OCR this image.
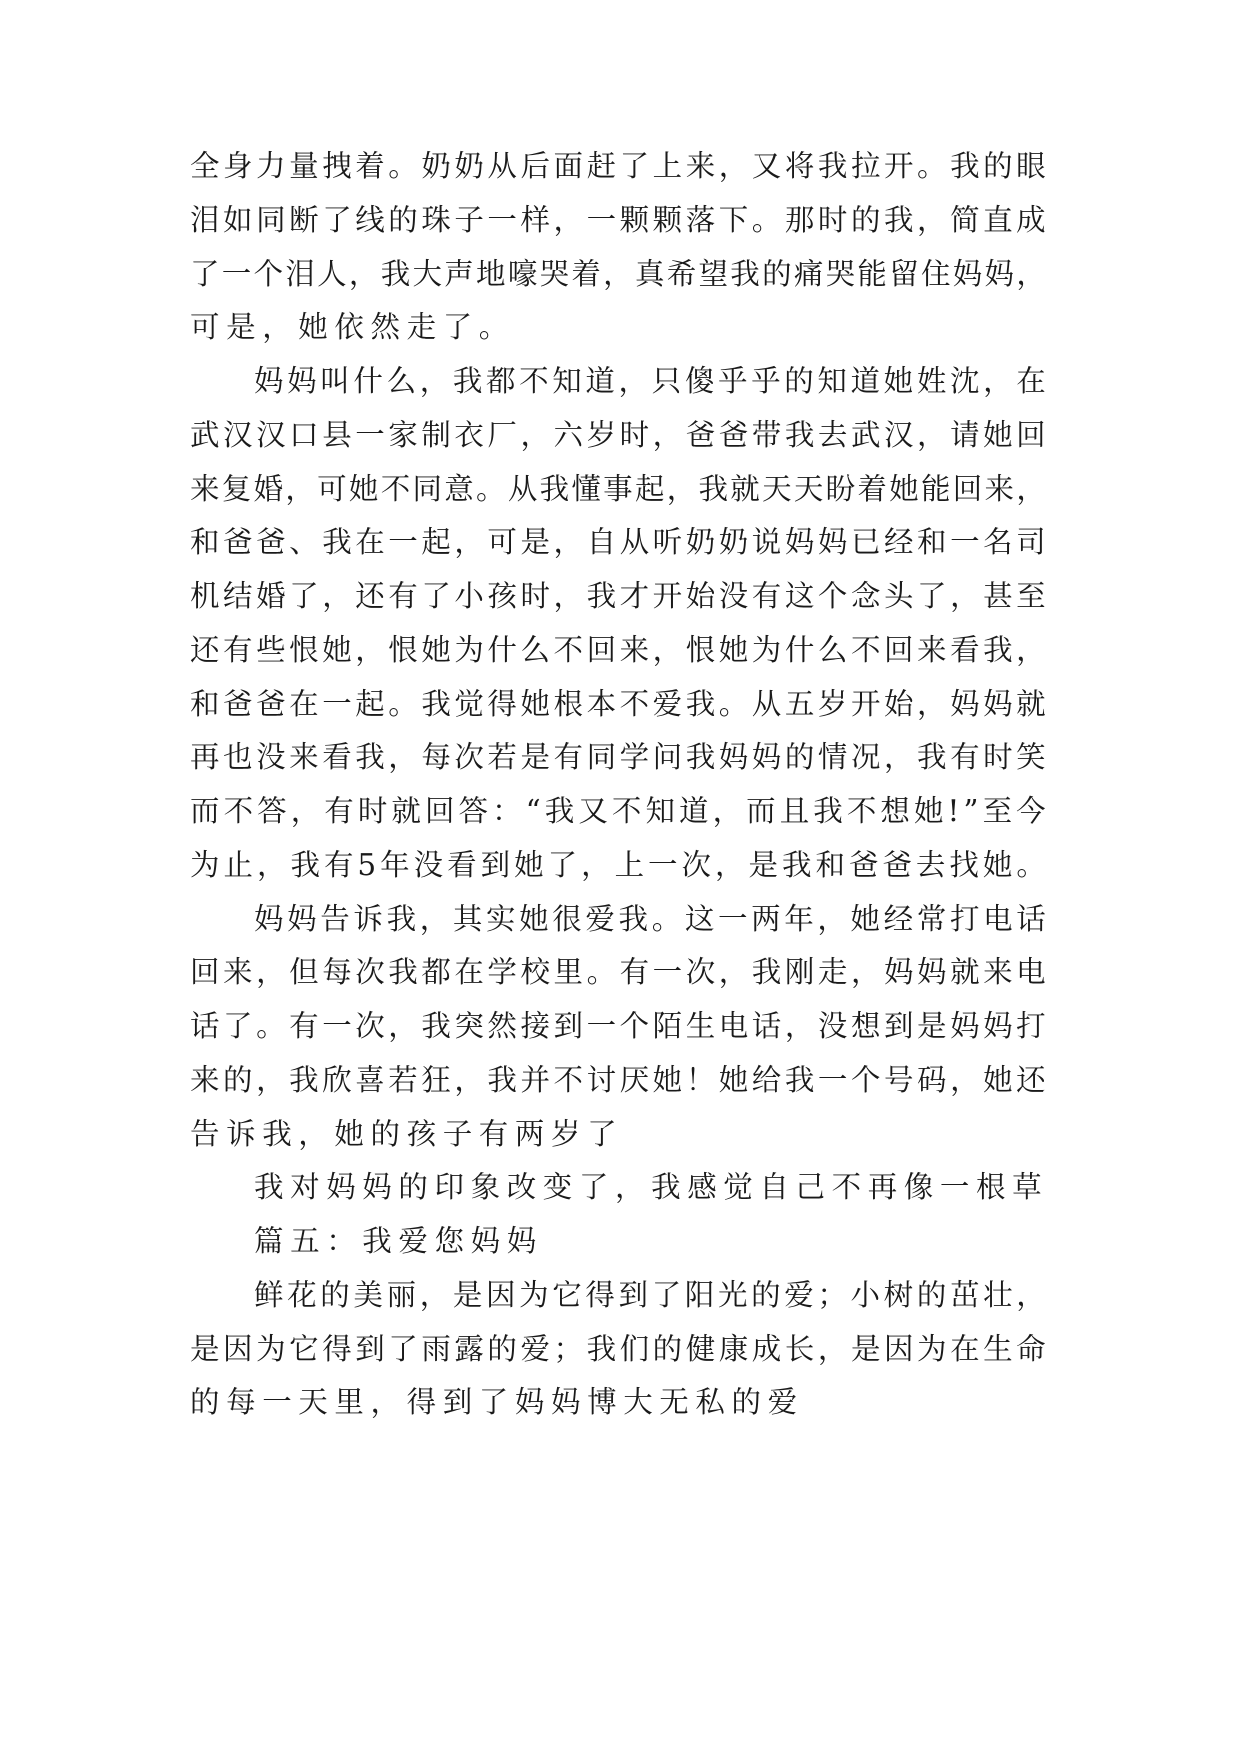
全 身 力 量 拽 着 。 奶 奶 从 后 面 赶 了 上 来 ， 又 将 我 拉 开 。 我 的 眼
泪 如 同 断 了 线 的 珠 子 一 样 ， 一 颗 颗 落 下 。 那 时 的 我 ， 简 直 成
了 一 个 泪 人 ， 我 大 声 地 嚎 哭 着 ， 真 希 望 我 的 痛 哭 能 留 住 妈 妈 ，
可是，她依然走了。
妈 妈 叫 什 么 ， 我 都 不 知 道 ， 只 傻 乎 乎 的 知 道 她 姓 沈 ， 在
武 汉 汉 口 县 一 家 制 衣 厂 ， 六 岁 时 ， 爸 爸 带 我 去 武 汉 ， 请 她 回
来 复 婚 ， 可 她 不 同 意 。 从 我 懂 事 起 ， 我 就 天 天 盼 着 她 能 回 来 ，
和 爸 爸 、 我 在 一 起 ， 可 是 ， 自 从 听 奶 奶 说 妈 妈 已 经 和 一 名 司
机 结 婚 了 ， 还 有 了 小 孩 时 ， 我 才 开 始 没 有 这 个 念 头 了 ， 甚 至
还 有 些 恨 她 ， 恨 她 为 什 么 不 回 来 ， 恨 她 为 什 么 不 回 来 看 我 ，
和 爸 爸 在 一 起 。 我 觉 得 她 根 本 不 爱 我 。 从 五 岁 开 始 ， 妈 妈 就
再 也 没 来 看 我 ， 每 次 若 是 有 同 学 问 我 妈 妈 的 情 况 ， 我 有 时 笑
而 不 答 ， 有 时 就 回 答 ： “ 我 又 不 知 道 ， 而 且 我 不 想 她 ! ” 至 今
为 止 ， 我 有 5 年 没 看 到 她 了 ， 上 一 次 ， 是 我 和 爸 爸 去 找 她 。
妈 妈 告 诉 我 ， 其 实 她 很 爱 我 。 这 一 两 年 ， 她 经 常 打 电 话
回 来 ， 但 每 次 我 都 在 学 校 里 。 有 一 次 ， 我 刚 走 ， 妈 妈 就 来 电
话 了 。 有 一 次 ， 我 突 然 接 到 一 个 陌 生 电 话 ， 没 想 到 是 妈 妈 打
来 的 ， 我 欣 喜 若 狂 ， 我 并 不 讨 厌 她 ！ 她 给 我 一 个 号 码 ， 她 还
告诉我，她的孩子有两岁了
我对妈妈的印象改变了，我感觉自己不再像一根草
篇五：我爱您妈妈
鲜 花 的 美 丽 ， 是 因 为 它 得 到 了 阳 光 的 爱 ； 小 树 的 茁 壮 ，
是 因 为 它 得 到 了 雨 露 的 爱 ； 我 们 的 健 康 成 长 ， 是 因 为 在 生 命
的每一天里，得到了妈妈博大无私的爱
